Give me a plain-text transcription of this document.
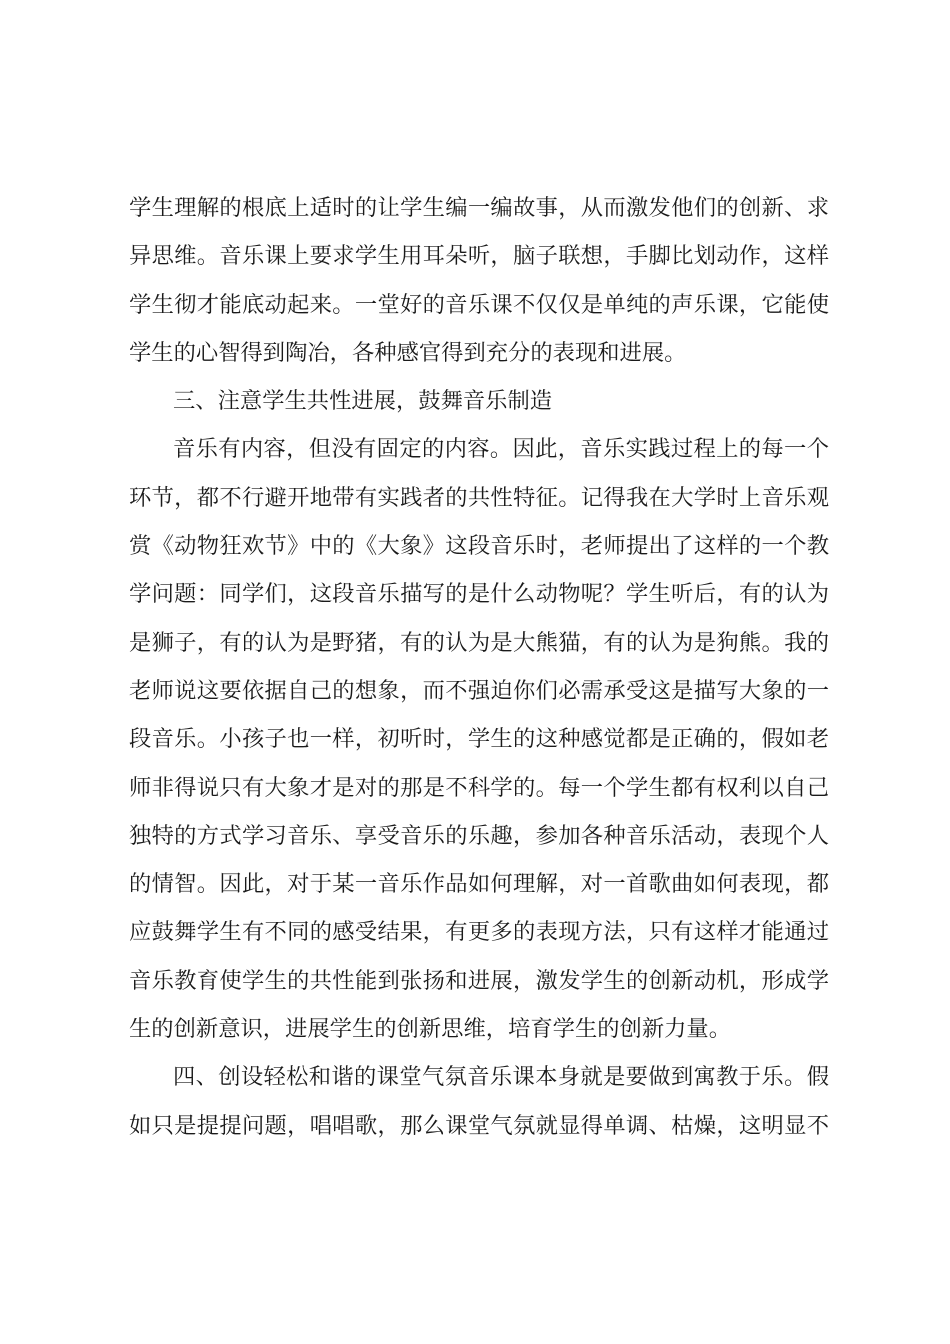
学生理解的根底上适时的让学生编一编故事，从而激发他们的创新、求
异思维。音乐课上要求学生用耳朵听，脑子联想，手脚比划动作，这样
学生彻才能底动起来。一堂好的音乐课不仅仅是单纯的声乐课，它能使
学生的心智得到陶冶，各种感官得到充分的表现和进展。
三、注意学生共性进展，鼓舞音乐制造
音乐有内容，但没有固定的内容。因此，音乐实践过程上的每一个
环节，都不行避开地带有实践者的共性特征。记得我在大学时上音乐观
赏《动物狂欢节》中的《大象》这段音乐时，老师提出了这样的一个教
学问题：同学们，这段音乐描写的是什么动物呢？学生听后，有的认为
是狮子，有的认为是野猪，有的认为是大熊猫，有的认为是狗熊。我的
老师说这要依据自己的想象，而不强迫你们必需承受这是描写大象的一
段音乐。小孩子也一样，初听时，学生的这种感觉都是正确的，假如老
师非得说只有大象才是对的那是不科学的。每一个学生都有权利以自己
独特的方式学习音乐、享受音乐的乐趣，参加各种音乐活动，表现个人
的情智。因此，对于某一音乐作品如何理解，对一首歌曲如何表现，都
应鼓舞学生有不同的感受结果，有更多的表现方法，只有这样才能通过
音乐教育使学生的共性能到张扬和进展，激发学生的创新动机，形成学
生的创新意识，进展学生的创新思维，培育学生的创新力量。
四、创设轻松和谐的课堂气氛音乐课本身就是要做到寓教于乐。假
如只是提提问题，唱唱歌，那么课堂气氛就显得单调、枯燥，这明显不
